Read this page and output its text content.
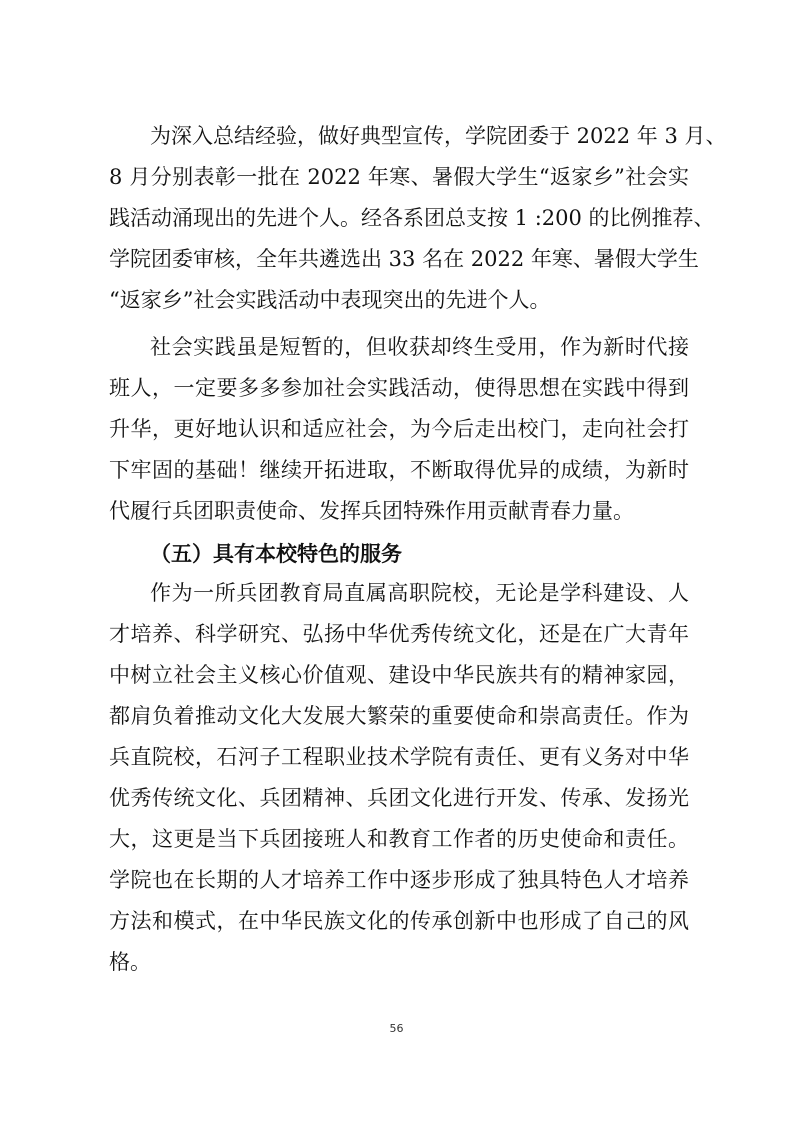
为深入总结经验，做好典型宣传，学院团委于 2022 年 3 月、
8 月分别表彰一批在 2022 年寒、暑假大学生“返家乡”社会实
践活动涌现出的先进个人。经各系团总支按 1 :200 的比例推荐、
学院团委审核，全年共遴选出 33 名在 2022 年寒、暑假大学生
“返家乡”社会实践活动中表现突出的先进个人。
社会实践虽是短暂的，但收获却终生受用，作为新时代接
班人，一定要多多参加社会实践活动，使得思想在实践中得到
升华，更好地认识和适应社会，为今后走出校门，走向社会打
下牢固的基础！继续开拓进取，不断取得优异的成绩，为新时
代履行兵团职责使命、发挥兵团特殊作用贡献青春力量。
（五）具有本校特色的服务
作为一所兵团教育局直属高职院校，无论是学科建设、人
才培养、科学研究、弘扬中华优秀传统文化，还是在广大青年
中树立社会主义核心价值观、建设中华民族共有的精神家园，
都肩负着推动文化大发展大繁荣的重要使命和崇高责任。作为
兵直院校，石河子工程职业技术学院有责任、更有义务对中华
优秀传统文化、兵团精神、兵团文化进行开发、传承、发扬光
大，这更是当下兵团接班人和教育工作者的历史使命和责任。
学院也在长期的人才培养工作中逐步形成了独具特色人才培养
方法和模式，在中华民族文化的传承创新中也形成了自己的风
格。
56
